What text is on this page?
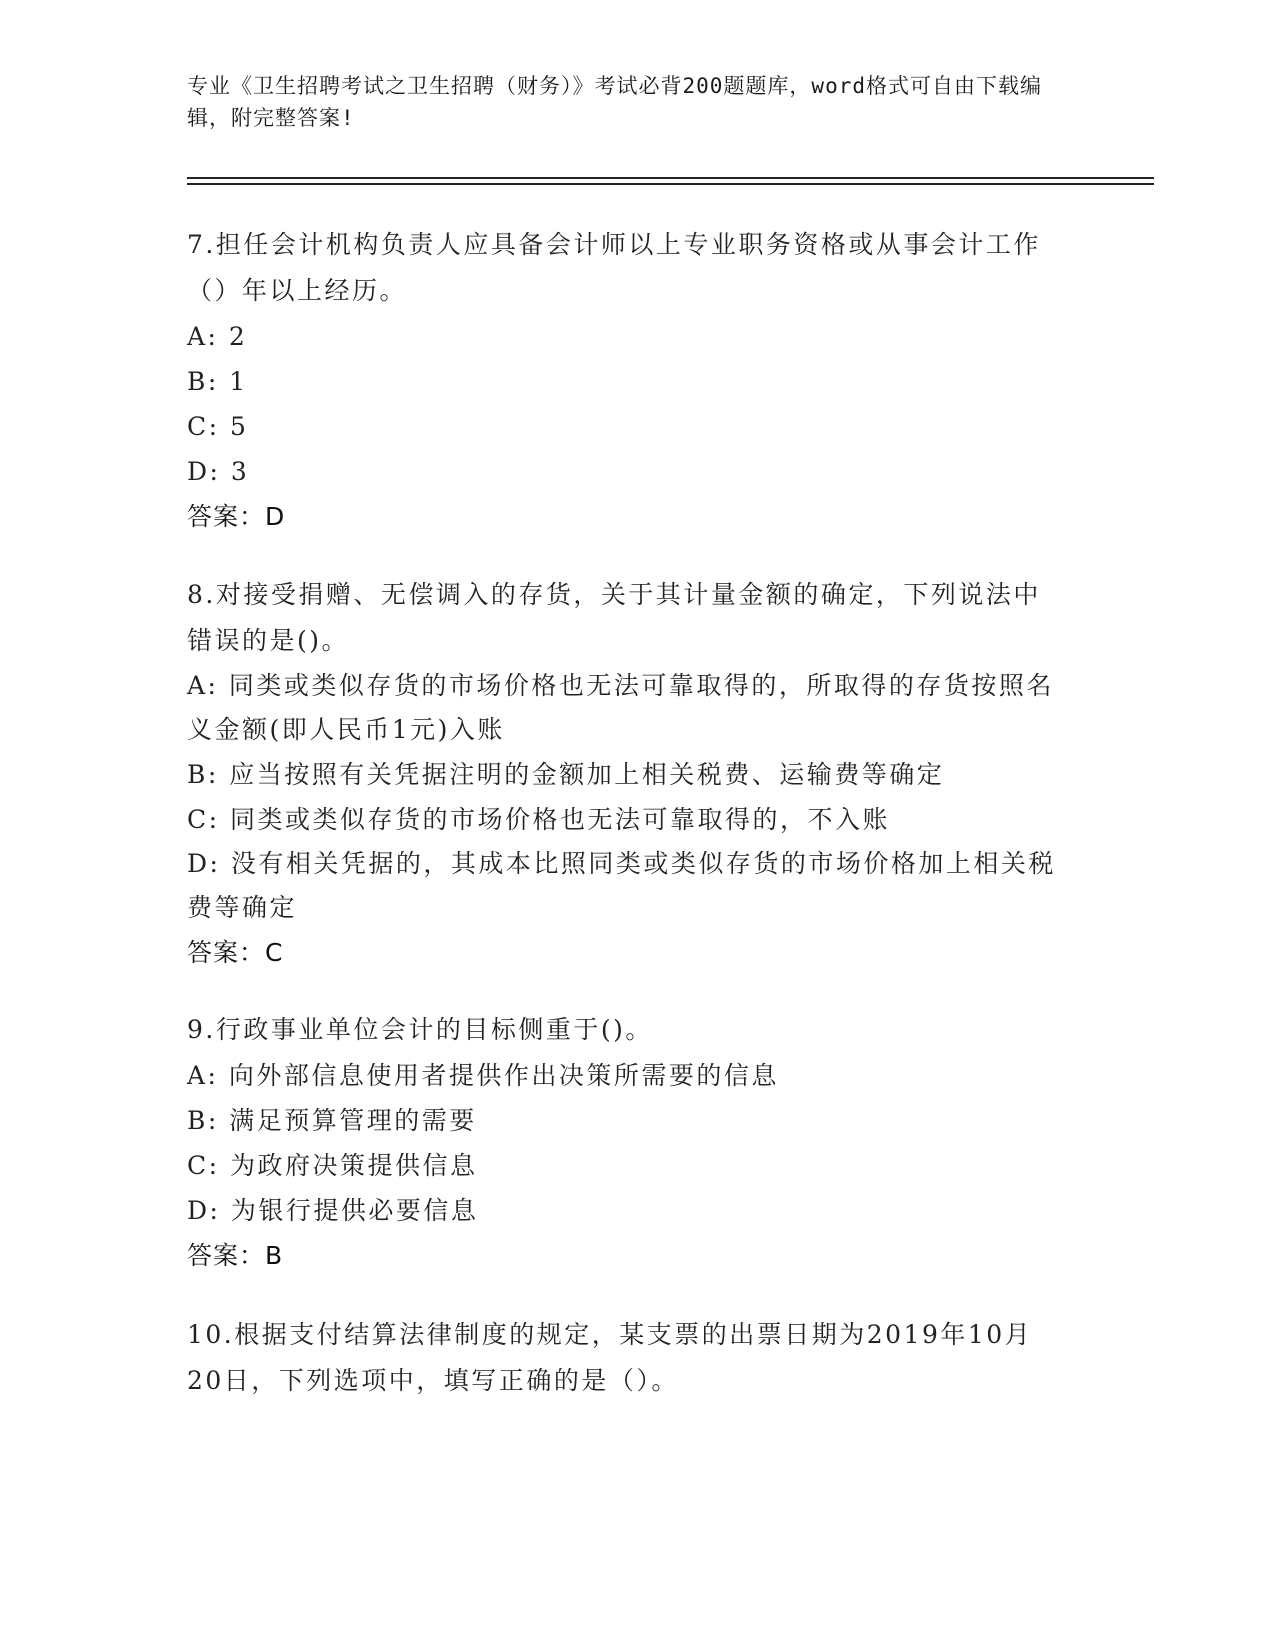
专业《卫生招聘考试之卫生招聘（财务）》考试必背200题题库，word格式可自由下载编辑，附完整答案!
7.担任会计机构负责人应具备会计师以上专业职务资格或从事会计工作（）年以上经历。
A: 2
B: 1
C: 5
D: 3
答案：D
8.对接受捐赠、无偿调入的存货，关于其计量金额的确定，下列说法中错误的是()。
A: 同类或类似存货的市场价格也无法可靠取得的，所取得的存货按照名义金额(即人民币1元)入账
B: 应当按照有关凭据注明的金额加上相关税费、运输费等确定
C: 同类或类似存货的市场价格也无法可靠取得的，不入账
D: 没有相关凭据的，其成本比照同类或类似存货的市场价格加上相关税费等确定
答案：C
9.行政事业单位会计的目标侧重于()。
A: 向外部信息使用者提供作出决策所需要的信息
B: 满足预算管理的需要
C: 为政府决策提供信息
D: 为银行提供必要信息
答案：B
10.根据支付结算法律制度的规定，某支票的出票日期为2019年10月20日，下列选项中，填写正确的是（）。
